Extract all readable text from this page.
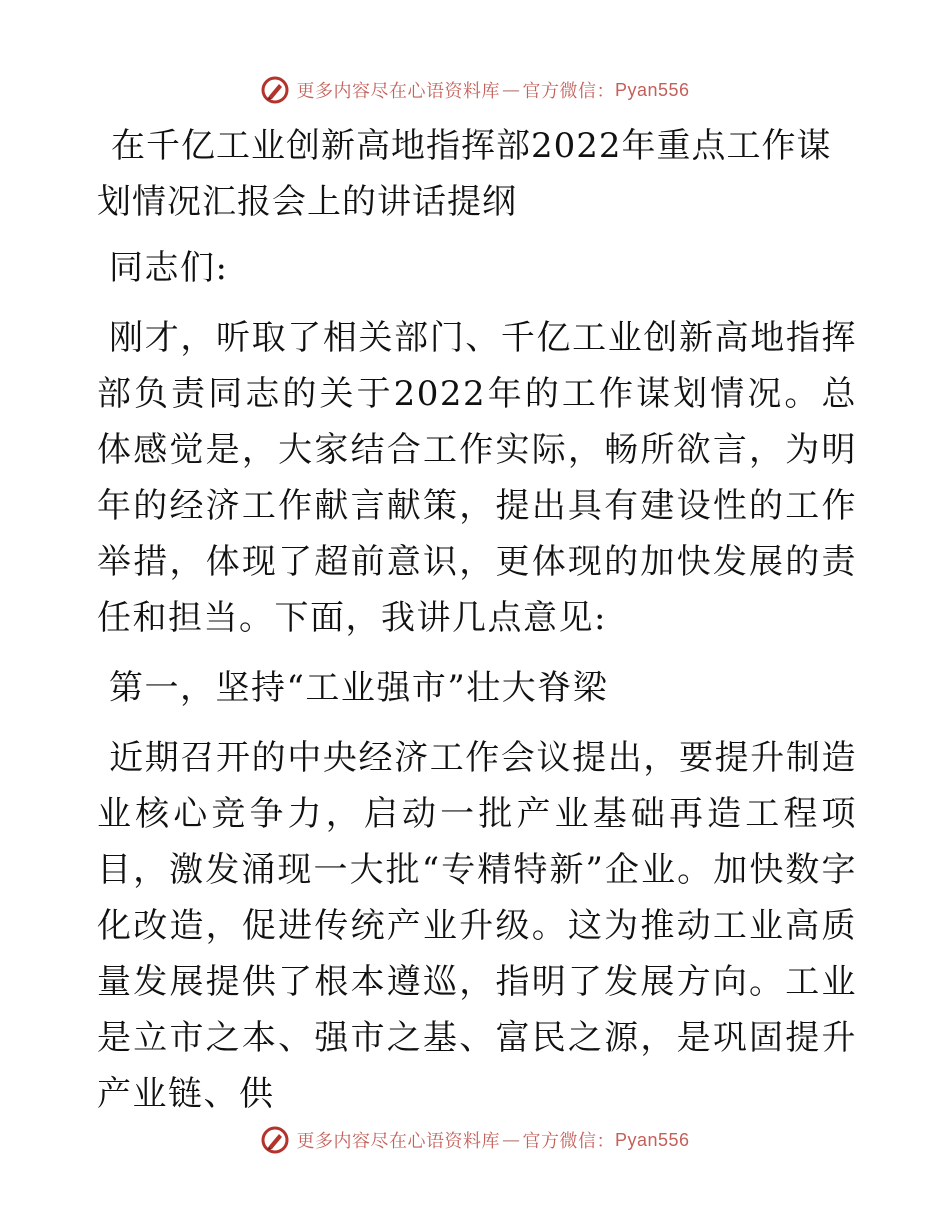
更多内容尽在心语资料库 — 官方微信： Pyan556
在千亿工业创新高地指挥部2022年重点工作谋划情况汇报会上的讲话提纲

同志们:

刚才，听取了相关部门、千亿工业创新高地指挥部负责同志的关于2022年的工作谋划情况。总体感觉是，大家结合工作实际，畅所欲言，为明年的经济工作献言献策，提出具有建设性的工作举措，体现了超前意识，更体现的加快发展的责任和担当。下面，我讲几点意见:

第一，坚持“工业强市”壮大脊梁

近期召开的中央经济工作会议提出，要提升制造业核心竞争力，启动一批产业基础再造工程项目，激发涌现一大批“专精特新”企业。加快数字化改造，促进传统产业升级。这为推动工业高质量发展提供了根本遵巡，指明了发展方向。工业是立市之本、强市之基、富民之源，是巩固提升产业链、供

更多内容尽在心语资料库 — 官方微信： Pyan556
